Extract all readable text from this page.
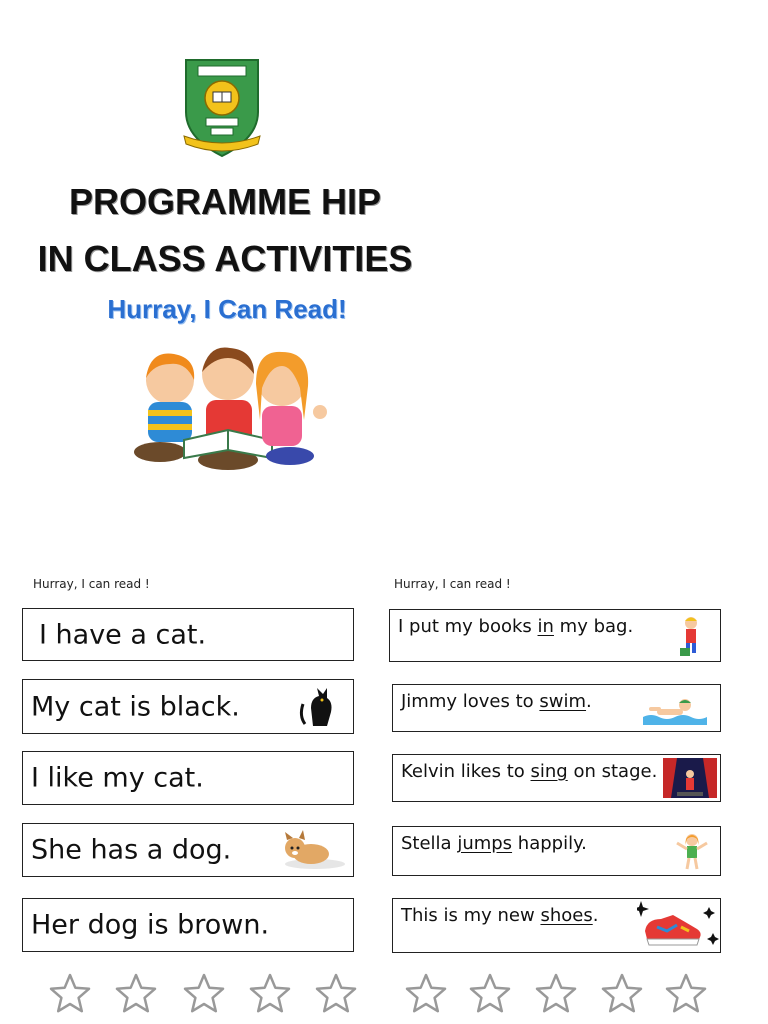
PROGRAMME HIP
IN CLASS ACTIVITIES
Hurray, I Can Read!
Hurray, I can read !
I have a cat.
My cat is black.
I like my cat.
She has a dog.
Her dog is brown.
Hurray, I can read !
I put my books in my bag.
Jimmy loves to swim.
Kelvin likes to sing on stage.
Stella jumps happily.
This is my new shoes.
